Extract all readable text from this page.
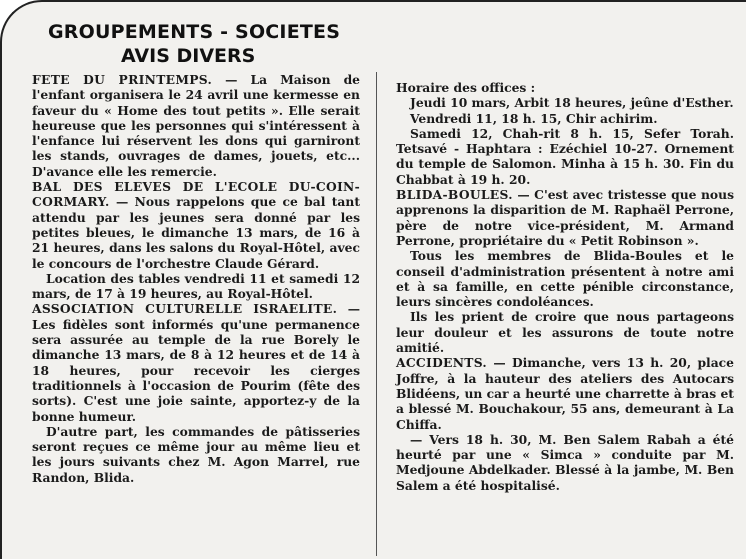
GROUPEMENTS - SOCIETES
AVIS DIVERS

FETE DU PRINTEMPS. — La Maison de l'enfant organisera le 24 avril une kermesse en faveur du « Home des tout petits ». Elle serait heureuse que les personnes qui s'intéressent à l'enfance lui réservent les dons qui garniront les stands, ouvrages de dames, jouets, etc... D'avance elle les remercie.

BAL DES ELEVES DE L'ECOLE DU-COIN-CORMARY. — Nous rappelons que ce bal tant attendu par les jeunes sera donné par les petites bleues, le dimanche 13 mars, de 16 à 21 heures, dans les salons du Royal-Hôtel, avec le concours de l'orchestre Claude Gérard.

Location des tables vendredi 11 et samedi 12 mars, de 17 à 19 heures, au Royal-Hôtel.

ASSOCIATION CULTURELLE ISRAELITE. — Les fidèles sont informés qu'une permanence sera assurée au temple de la rue Borely le dimanche 13 mars, de 8 à 12 heures et de 14 à 18 heures, pour recevoir les cierges traditionnels à l'occasion de Pourim (fête des sorts). C'est une joie sainte, apportez-y de la bonne humeur.

D'autre part, les commandes de pâtisseries seront reçues ce même jour au même lieu et les jours suivants chez M. Agon Marrel, rue Randon, Blida.

Horaire des offices :

Jeudi 10 mars, Arbit 18 heures, jeûne d'Esther.

Vendredi 11, 18 h. 15, Chir achirim.

Samedi 12, Chah-rit 8 h. 15, Sefer Torah. Tetsavé - Haphtara : Ezéchiel 10-27. Ornement du temple de Salomon. Minha à 15 h. 30. Fin du Chabbat à 19 h. 20.

BLIDA-BOULES. — C'est avec tristesse que nous apprenons la disparition de M. Raphaël Perrone, père de notre vice-président, M. Armand Perrone, propriétaire du « Petit Robinson ».

Tous les membres de Blida-Boules et le conseil d'administration présentent à notre ami et à sa famille, en cette pénible circonstance, leurs sincères condoléances.

Ils les prient de croire que nous partageons leur douleur et les assurons de toute notre amitié.

ACCIDENTS. — Dimanche, vers 13 h. 20, place Joffre, à la hauteur des ateliers des Autocars Blidéens, un car a heurté une charrette à bras et a blessé M. Bouchakour, 55 ans, demeurant à La Chiffa.

— Vers 18 h. 30, M. Ben Salem Rabah a été heurté par une « Simca » conduite par M. Medjoune Abdelkader. Blessé à la jambe, M. Ben Salem a été hospitalisé.
